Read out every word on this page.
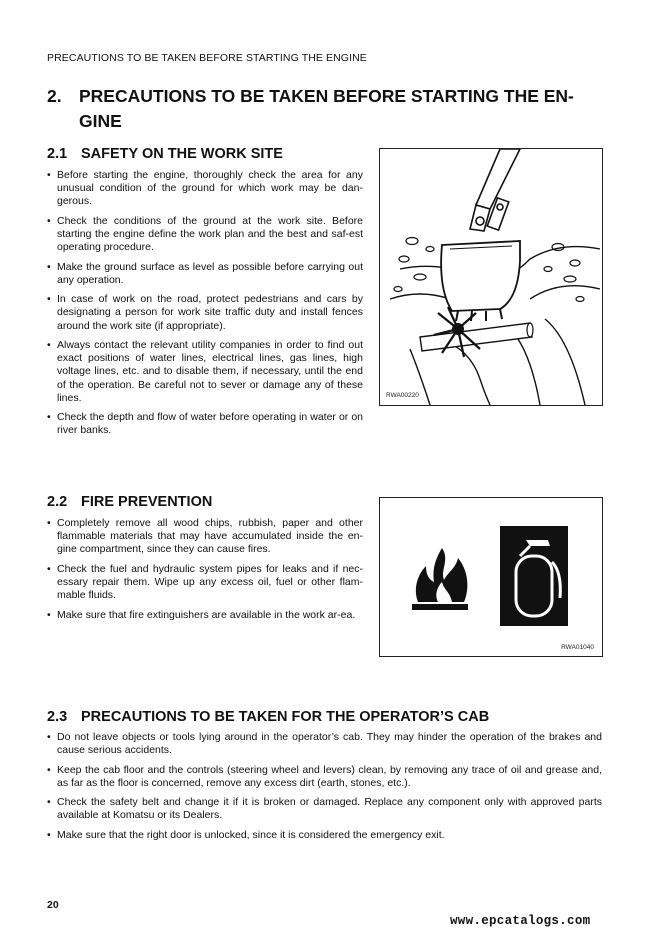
PRECAUTIONS TO BE TAKEN BEFORE STARTING THE ENGINE
2. PRECAUTIONS TO BE TAKEN BEFORE STARTING THE EN-GINE
2.1 SAFETY ON THE WORK SITE
• Before starting the engine, thoroughly check the area for any unusual condition of the ground for which work may be dan-gerous.
• Check the conditions of the ground at the work site. Before starting the engine define the work plan and the best and saf-est operating procedure.
• Make the ground surface as level as possible before carrying out any operation.
• In case of work on the road, protect pedestrians and cars by designating a person for work site traffic duty and install fences around the work site (if appropriate).
• Always contact the relevant utility companies in order to find out exact positions of water lines, electrical lines, gas lines, high voltage lines, etc. and to disable them, if necessary, until the end of the operation. Be careful not to sever or damage any of these lines.
• Check the depth and flow of water before operating in water or on river banks.
RWA00220
2.2 FIRE PREVENTION
• Completely remove all wood chips, rubbish, paper and other flammable materials that may have accumulated inside the en-gine compartment, since they can cause fires.
• Check the fuel and hydraulic system pipes for leaks and if nec-essary repair them. Wipe up any excess oil, fuel or other flam-mable fluids.
• Make sure that fire extinguishers are available in the work ar-ea.
RWA01040
2.3 PRECAUTIONS TO BE TAKEN FOR THE OPERATOR’S CAB
• Do not leave objects or tools lying around in the operator’s cab. They may hinder the operation of the brakes and cause serious accidents.
• Keep the cab floor and the controls (steering wheel and levers) clean, by removing any trace of oil and grease and, as far as the floor is concerned, remove any excess dirt (earth, stones, etc.).
• Check the safety belt and change it if it is broken or damaged. Replace any component only with approved parts available at Komatsu or its Dealers.
• Make sure that the right door is unlocked, since it is considered the emergency exit.
20
www.epcatalogs.com
